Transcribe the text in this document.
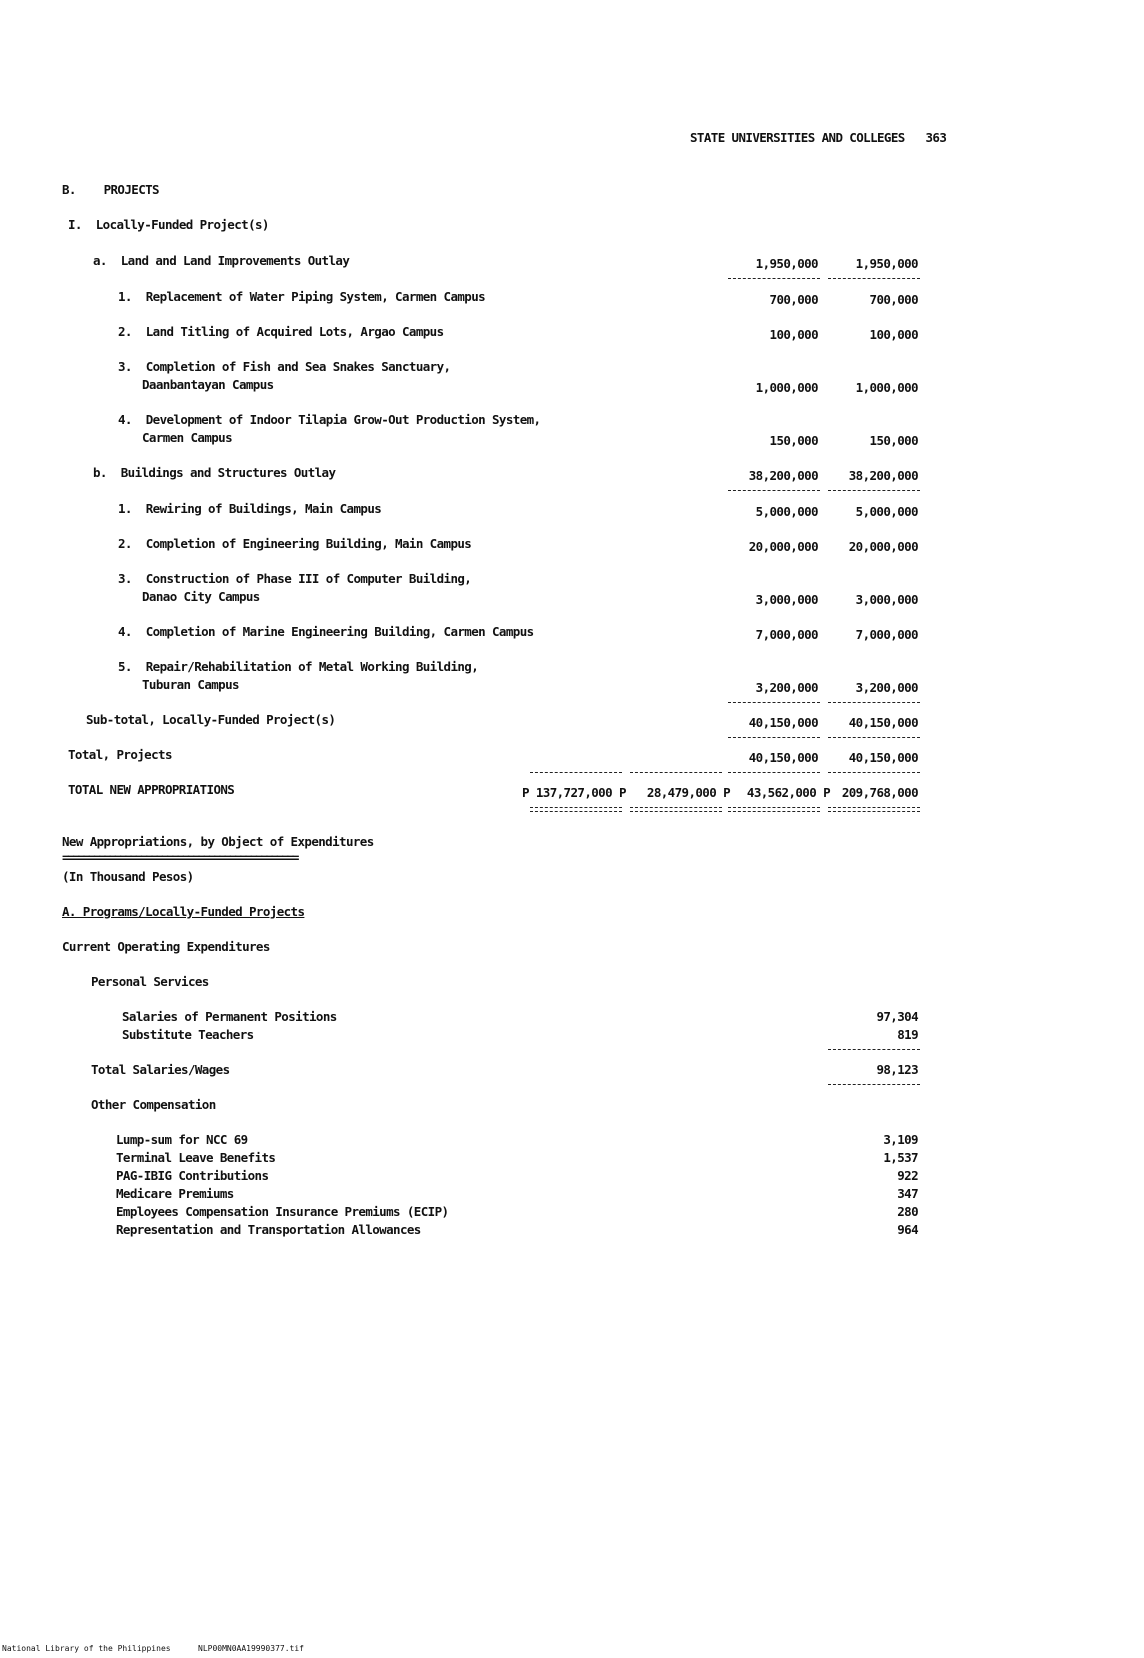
STATE UNIVERSITIES AND COLLEGES 363
B. PROJECTS
I. Locally-Funded Project(s)
a. Land and Land Improvements Outlay	1,950,000	1,950,000
1. Replacement of Water Piping System, Carmen Campus	700,000	700,000
2. Land Titling of Acquired Lots, Argao Campus	100,000	100,000
3. Completion of Fish and Sea Snakes Sanctuary,
Daanbantayan Campus	1,000,000	1,000,000
4. Development of Indoor Tilapia Grow-Out Production System,
Carmen Campus	150,000	150,000
b. Buildings and Structures Outlay	38,200,000	38,200,000
1. Rewiring of Buildings, Main Campus	5,000,000	5,000,000
2. Completion of Engineering Building, Main Campus	20,000,000	20,000,000
3. Construction of Phase III of Computer Building,
Danao City Campus	3,000,000	3,000,000
4. Completion of Marine Engineering Building, Carmen Campus	7,000,000	7,000,000
5. Repair/Rehabilitation of Metal Working Building,
Tuburan Campus	3,200,000	3,200,000
Sub-total, Locally-Funded Project(s)	40,150,000	40,150,000
Total, Projects	40,150,000	40,150,000
TOTAL NEW APPROPRIATIONS	P 137,727,000 P	28,479,000 P	43,562,000 P 209,768,000
New Appropriations, by Object of Expenditures
=============================================
(In Thousand Pesos)
A. Programs/Locally-Funded Projects
Current Operating Expenditures
Personal Services
Salaries of Permanent Positions	97,304
Substitute Teachers	819
Total Salaries/Wages	98,123
Other Compensation
Lump-sum for NCC 69	3,109
Terminal Leave Benefits	1,537
PAG-IBIG Contributions	922
Medicare Premiums	347
Employees Compensation Insurance Premiums (ECIP)	280
Representation and Transportation Allowances	964
National Library of the Philippines	NLP00MN0AA19990377.tif
